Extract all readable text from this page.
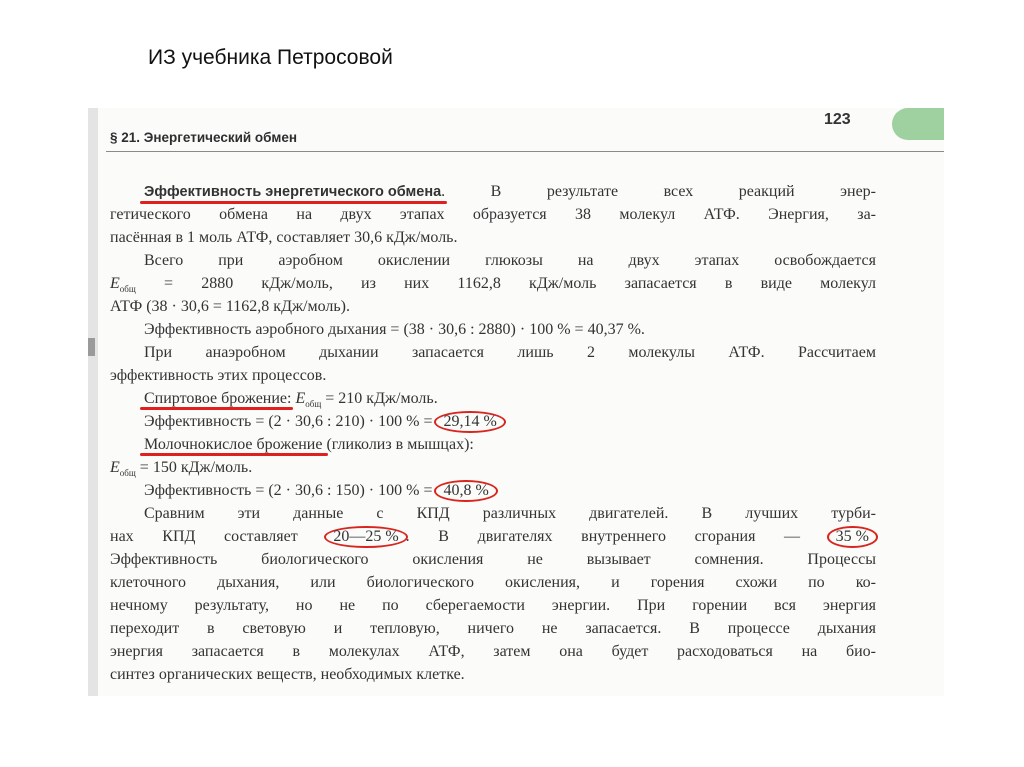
ИЗ учебника Петросовой
123
§ 21. Энергетический обмен
Эффективность энергетического обмена. В результате всех реакций энер-
гетического обмена на двух этапах образуется 38 молекул АТФ. Энергия, за-
пасённая в 1 моль АТФ, составляет 30,6 кДж/моль.
Всего при аэробном окислении глюкозы на двух этапах освобождается
$E_{общ} = 2880$ кДж/моль, из них 1162,8 кДж/моль запасается в виде молекул
АТФ (38 · 30,6 = 1162,8 кДж/моль).
Эффективность аэробного дыхания = (38 · 30,6 : 2880) · 100 % = 40,37 %.
При анаэробном дыхании запасается лишь 2 молекулы АТФ. Рассчитаем
эффективность этих процессов.
Спиртовое брожение: $E_{общ} = 210$ кДж/моль.
Эффективность = (2 · 30,6 : 210) · 100 % = 29,14 %
Молочнокислое брожение (гликолиз в мышцах):
$E_{общ} = 150$ кДж/моль.
Эффективность = (2 · 30,6 : 150) · 100 % = 40,8 %
Сравним эти данные с КПД различных двигателей. В лучших турби-
нах КПД составляет 20—25 % . В двигателях внутреннего сгорания — 35 %
Эффективность биологического окисления не вызывает сомнения. Процессы
клеточного дыхания, или биологического окисления, и горения схожи по ко-
нечному результату, но не по сберегаемости энергии. При горении вся энергия
переходит в световую и тепловую, ничего не запасается. В процессе дыхания
энергия запасается в молекулах АТФ, затем она будет расходоваться на био-
синтез органических веществ, необходимых клетке.
